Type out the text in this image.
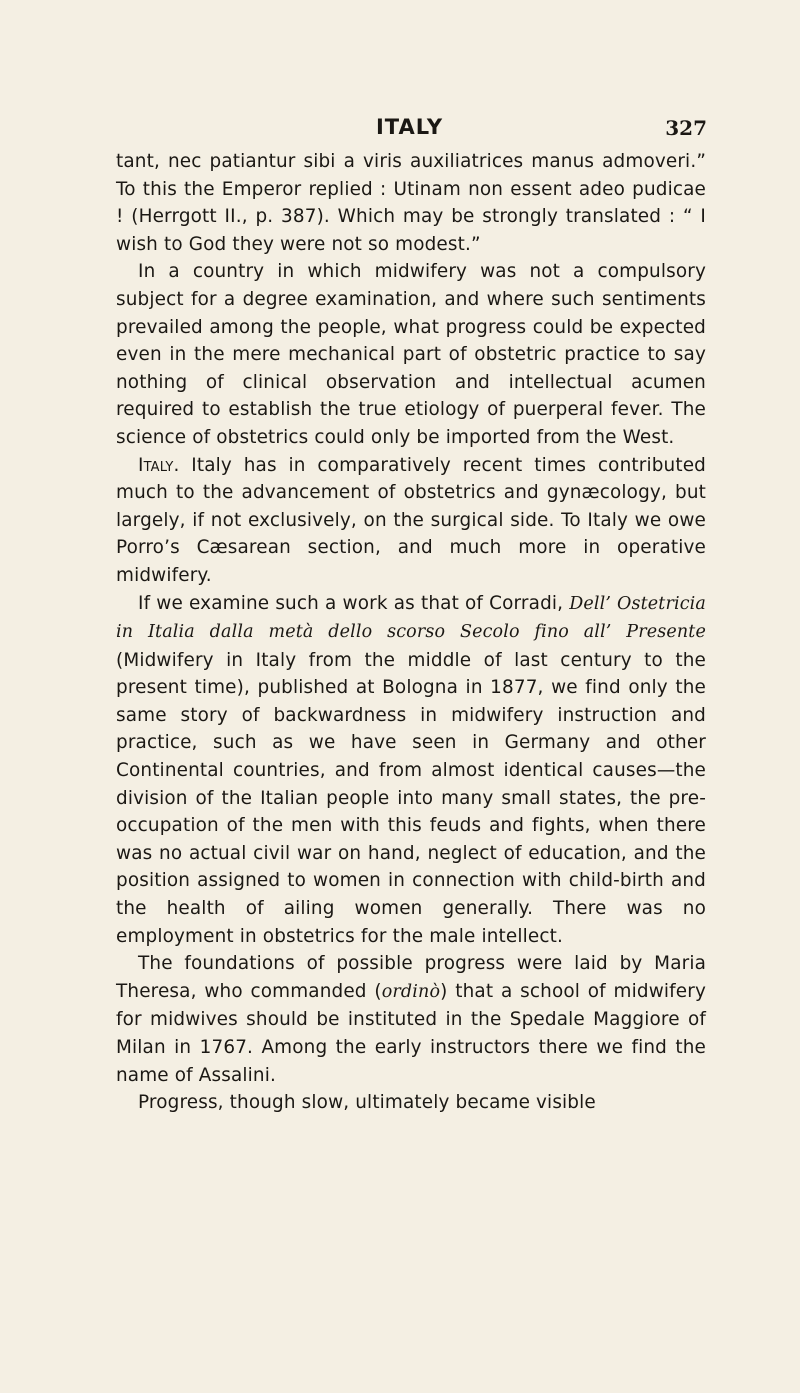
ITALY	327

tant, nec patiantur sibi a viris auxiliatrices manus admoveri.” To this the Emperor replied : Utinam non essent adeo pudicae ! (Herrgott II., p. 387). Which may be strongly translated : “ I wish to God they were not so modest.”

In a country in which midwifery was not a compulsory subject for a degree examination, and where such sentiments prevailed among the people, what progress could be expected even in the mere mechanical part of obstetric practice to say nothing of clinical observation and intellectual acumen required to establish the true etiology of puerperal fever. The science of obstetrics could only be imported from the West.

Italy. Italy has in comparatively recent times contributed much to the advancement of obstetrics and gynæcology, but largely, if not exclusively, on the surgical side. To Italy we owe Porro’s Cæsarean section, and much more in operative midwifery.

If we examine such a work as that of Corradi, Dell’ Ostetricia in Italia dalla metà dello scorso Secolo fino all’ Presente (Midwifery in Italy from the middle of last century to the present time), published at Bologna in 1877, we find only the same story of backwardness in midwifery instruction and practice, such as we have seen in Germany and other Continental countries, and from almost identical causes—the division of the Italian people into many small states, the pre-occupation of the men with this feuds and fights, when there was no actual civil war on hand, neglect of education, and the position assigned to women in connection with child-birth and the health of ailing women generally. There was no employment in obstetrics for the male intellect.

The foundations of possible progress were laid by Maria Theresa, who commanded (ordinò) that a school of midwifery for midwives should be instituted in the Spedale Maggiore of Milan in 1767. Among the early instructors there we find the name of Assalini.

Progress, though slow, ultimately became visible
